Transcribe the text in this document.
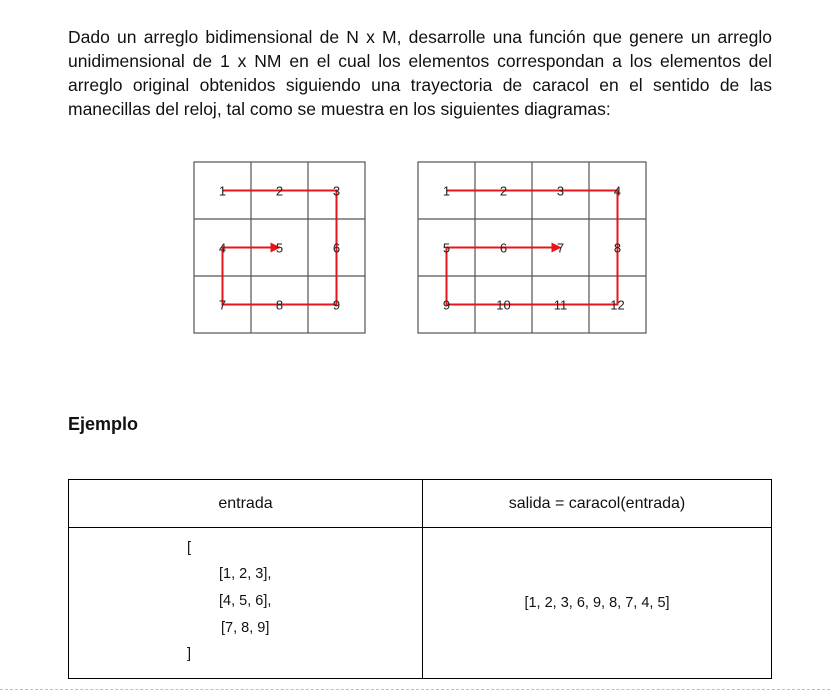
Dado un arreglo bidimensional de N x M, desarrolle una función que genere un arreglo unidimensional de 1 x NM en el cual los elementos correspondan a los elementos del arreglo original obtenidos siguiendo una trayectoria de caracol en el sentido de las manecillas del reloj, tal como se muestra en los siguientes diagramas:

1	2	3
4	5	6
7	8	9
1	2	3	4
5	6	7	8
9	10	11	12
Ejemplo
entrada	salida = caracol(entrada)

[
[1, 2, 3],
[4, 5, 6],
[7, 8, 9]
]	[1, 2, 3, 6, 9, 8, 7, 4, 5]
